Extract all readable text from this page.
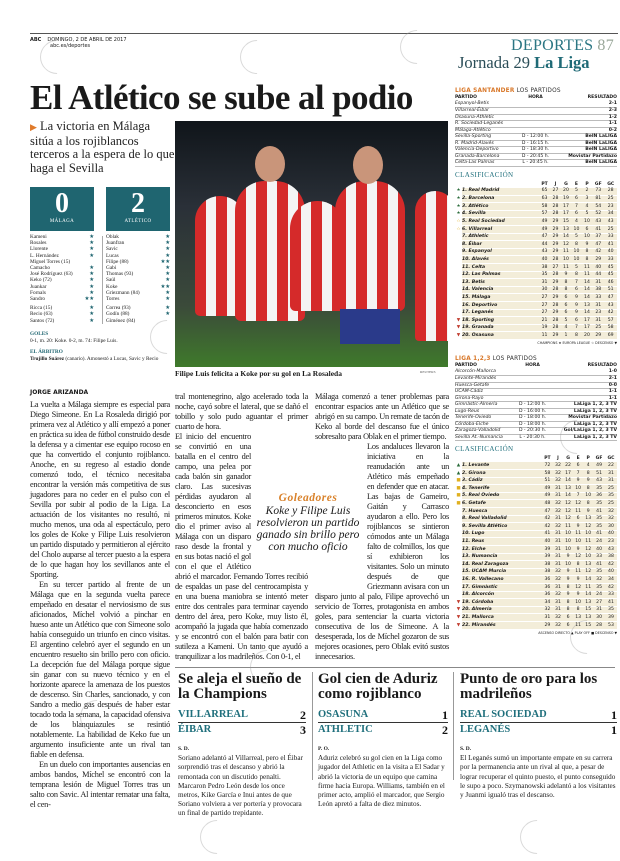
ABC DOMINGO, 2 DE ABRIL DE 2017
abc.es/deportes	DEPORTES 87
Jornada 29 La Liga
El Atlético se sube al podio
▶ La victoria en Málaga sitúa a los rojiblancos terceros a la espera de lo que haga el Sevilla
0
MÁLAGA
2
ATLÉTICO
Kameni	★
Rosales	★
Llorente	★
L. Hernández	★
Miguel Torres (15)
Camacho	★
José Rodríguez (63)	★
Keko (72)	★
Juankar	★
Fornals	★
Sandro	★★
Ricca (15)	★
Recio (63)	★
Santos (72)	★
Oblak	★
Juanfran	★
Savic	★
Lucas	★
Filipe (88)	★★
Gabi	★
Thomas (93)	★
Saúl	★
Koke	★★
Griezmann (84)	★
Torres	★
Correa (93)	★
Godín (88)	★
Giménez (84)
GOLES
0-1, m. 20: Koke. 0-2, m. 74: Filipe Luis.
EL ÁRBITRO
Trujillo Suárez (canario). Amonestó a Lucas, Savic y Recio
Filipe Luis felicita a Koke por su gol en La Rosaleda	REUTERS
JORGE ARIZANDA

La vuelta a Málaga siempre es especial para Diego Simeone. En La Rosaleda dirigió por primera vez al Atlético y allí empezó a poner en práctica su idea de fútbol construido desde la defensa y a cimentar ese equipo rocoso en que ha convertido el conjunto rojiblanco. Anoche, en su regreso al estadio donde comenzó todo, el técnico necesitaba encontrar la versión más competitiva de sus jugadores para no ceder en el pulso con el Sevilla por subir al podio de la Liga. La actuación de los visitantes no resultó, ni mucho menos, una oda al espectáculo, pero los goles de Koke y Filipe Luis resolvieron un partido disputado y permitieron al ejército del Cholo auparse al tercer puesto a la espera de lo que hagan hoy los sevillanos ante el Sporting.

En su tercer partido al frente de un Málaga que en la segunda vuelta parece empeñado en desatar el nerviosismo de sus aficionados, Míchel volvió a pinchar en hueso ante un Atlético que con Simeone solo había conseguido un triunfo en cinco visitas. El argentino celebró ayer el segundo en un encuentro resuelto sin brillo pero con oficio. La decepción fue del Málaga porque sigue sin ganar con su nuevo técnico y en el horizonte aparece la amenaza de los puestos de descenso. Sin Charles, sancionado, y con Sandro a medio gas después de haber estar tocado toda la semana, la capacidad ofensiva de los blanquiazules se resintió notablemente. La habilidad de Keko fue un argumento insuficiente ante un rival tan fiable en defensa.

En un duelo con importantes ausencias en ambos bandos, Míchel se encontró con la temprana lesión de Miguel Torres tras un salto con Savic. Al intentar rematar una falta, el cen-

tral montenegrino, algo acelerado toda la noche, cayó sobre el lateral, que se dañó el tobillo y solo pudo aguantar el primer cuarto de hora.

El inicio del encuentro se convirtió en una batalla en el centro del campo, una pelea por cada balón sin ganador claro. Las sucesivas pérdidas ayudaron al desconcierto en esos primeros minutos. Koke dio el primer aviso al Málaga con un disparo raso desde la frontal y en sus botas nació el gol con el que el Atlético abrió el marcador. Fernando Torres recibió de espaldas un pase del centrocampista y en una buena maniobra se intentó meter entre dos centrales para terminar cayendo dentro del área, pero Koke, muy listo él, acompañó la jugada que había comenzado y se encontró con el balón para batir con sutileza a Kameni. Un tanto que ayudó a tranquilizar a los madrileños. Con 0-1, el

Málaga comenzó a tener problemas para encontrar espacios ante un Atlético que se abrigó en su campo. Un remate de tacón de Keko al borde del descanso fue el único sobresalto para Oblak en el primer tiempo.

Los andaluces llevaron la iniciativa en la reanudación ante un Atlético más empeñado en defender que en atacar. Las bajas de Gameiro, Gaitán y Carrasco ayudaron a ello. Pero los rojiblancos se sintieron cómodos ante un Málaga falto de colmillos, los que sí exhibieron los visitantes. Solo un minuto después de que Griezmann avisara con un disparo junto al palo, Filipe aprovechó un servicio de Torres, protagonista en ambos goles, para sentenciar la cuarta victoria consecutiva de los de Simeone. A la desesperada, los de Míchel gozaron de sus mejores ocasiones, pero Oblak evitó sustos innecesarios.

Goleadores
Koke y Filipe Luis resolvieron un partido ganado sin brillo pero con mucho oficio
Se aleja el sueño de la Champions
VILLARREAL	2
ÉIBAR	3
S. D.

Soriano adelantó al Villarreal, pero el Éibar sorprendió tras el descanso y abrió la remontada con un discutido penalti. Marcaron Pedro León desde los once metros, Kike García e Inui antes de que Soriano volviera a ver portería y provocara un final de partido trepidante.

Gol cien de Aduriz como rojiblanco
OSASUNA	1
ATHLETIC	2
P. O.

Aduriz celebró su gol cien en la Liga como jugador del Athletic en la visita a El Sadar y abrió la victoria de un equipo que camina firme hacia Europa. Williams, también en el primer acto, amplió el marcador, que Sergio León apretó a falta de diez minutos.

Punto de oro para los madrileños
REAL SOCIEDAD	1
LEGANÉS	1
S. D.

El Leganés sumó un importante empate en su carrera por la permanencia ante un rival al que, a pesar de lograr recuperar el quinto puesto, el punto conseguido le supo a poco. Szymanowski adelantó a los visitantes y Juanmi igualó tras el descanso.

LIGA SANTANDER LOS PARTIDOS
PARTIDO	HORA	RESULTADO
Espanyol-Betis		2-1
Villarreal-Éibar		2-3
Osasuna-Athletic		1-2
R. Sociedad-Leganés		1-1
Málaga-Atlético		0-2
Sevilla-Sporting	D - 12:00 h.	BeIN LaLIGA
R. Madrid-Alavés	D - 16:15 h.	BeIN LaLIGA
Valencia-Deportivo	D - 18:30 h.	BeIN LaLIGA
Granada-Barcelona	D - 20:45 h.	Movistar Partidazo
Celta-Las Palmas	L - 20:45 h.	BeIN LaLIGA
CLASIFICACIÓN
		PT	J	G	E	P	GF	GC
★	1. Real Madrid	65	27	20	5	2	73	28
★	2. Barcelona	63	28	19	6	3	81	25
★	3. Atlético	58	28	17	7	4	54	23
★	4. Sevilla	57	28	17	6	5	52	34
☆	5. Real Sociedad	49	29	15	4	10	43	43
☆	6. Villarreal	49	29	13	10	6	41	25
	7. Athletic	47	29	14	5	10	37	33
	8. Éibar	44	29	12	8	9	47	41
	9. Espanyol	43	29	11	10	8	42	40
	10. Alavés	40	28	10	10	8	29	33
	11. Celta	38	27	11	5	11	40	45
	12. Las Palmas	35	28	9	8	11	44	45
	13. Betis	31	29	8	7	14	31	46
	14. Valencia	30	28	8	6	14	38	51
	15. Málaga	27	29	6	9	14	33	47
	16. Deportivo	27	28	6	9	13	31	43
	17. Leganés	27	29	6	9	14	23	42
▼	18. Sporting	21	28	5	6	17	31	57
▼	19. Granada	19	28	4	7	17	25	58
▼	20. Osasuna	11	29	1	8	20	29	69
CHAMPIONS ★ EUROPA LEAGUE ☆ DESCENSO ▼
LIGA 1,2,3 LOS PARTIDOS
PARTIDO	HORA	RESULTADO
Alcorcón-Mallorca		1-0
Levante-Mirandés		2-1
Huesca-Getafe		0-0
UCAM-Cádiz		1-1
Girona-Rayo		1-1
Gimnàstic-Almería	D - 12:00 h.	LaLiga 1, 2, 3 TV
Lugo-Reus	D - 16:00 h.	LaLiga 1, 2, 3 TV
Tenerife-Oviedo	D - 18:00 h.	Movistar Partidazo
Córdoba-Elche	D - 18:00 h.	LaLiga 1, 2, 3 TV
Zaragoza-Valladolid	D - 20:30 h.	Gol/LaLiga 1, 2, 3 TV
Sevilla At.-Numancia	L - 20:30 h.	LaLiga 1, 2, 3 TV
CLASIFICACIÓN
		PT	J	G	E	P	GF	GC
▲	1. Levante	72	32	22	6	4	49	22
▲	2. Girona	58	32	17	7	8	51	31
■	3. Cádiz	51	32	14	9	9	43	31
■	4. Tenerife	49	31	13	10	8	35	25
■	5. Real Oviedo	49	31	14	7	10	36	35
■	6. Getafe	48	32	12	12	8	35	25
	7. Huesca	47	32	12	11	9	41	32
	8. Real Valladolid	42	31	12	6	13	35	32
	9. Sevilla Atlético	42	32	11	9	12	35	30
	10. Lugo	41	31	10	11	10	41	40
	11. Reus	40	31	10	10	11	24	23
	12. Elche	39	31	10	9	12	40	43
	13. Numancia	39	31	9	12	10	33	38
	14. Real Zaragoza	38	31	10	8	13	41	42
	15. UCAM Murcia	38	32	9	11	12	35	40
	16. R. Vallecano	36	32	9	9	14	32	34
	17. Gimnàstic	36	31	8	12	11	35	42
	18. Alcorcón	36	32	9	9	14	24	33
▼	19. Córdoba	34	31	8	10	13	27	41
▼	20. Almería	32	31	8	8	15	31	35
▼	21. Mallorca	31	32	6	13	13	30	39
▼	22. Mirandés	29	32	6	11	15	28	53
ASCENSO DIRECTO ▲ PLAY OFF ■ DESCENSO ▼
